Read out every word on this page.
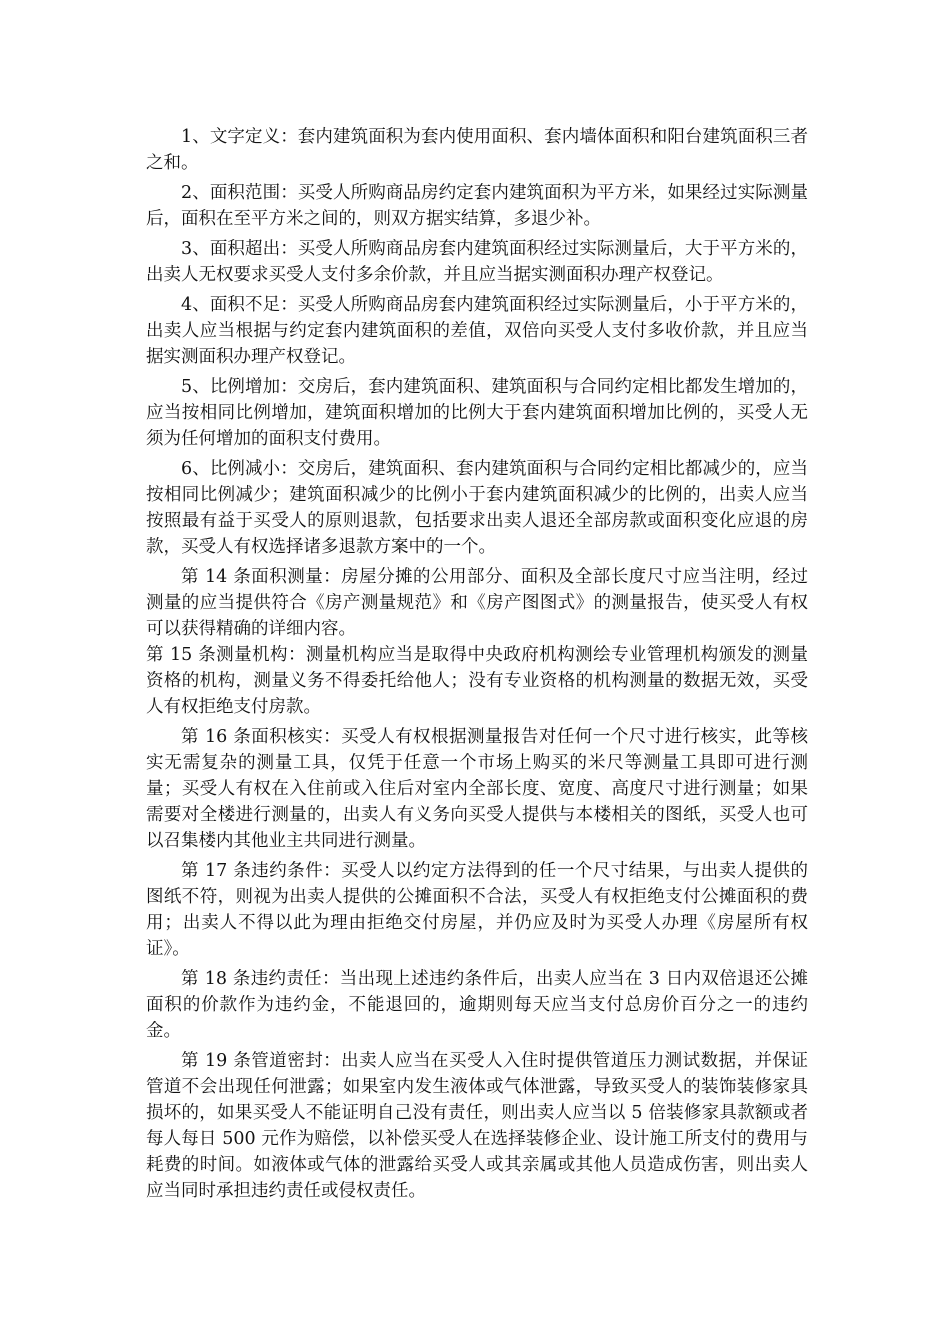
1、文字定义：套内建筑面积为套内使用面积、套内墙体面积和阳台建筑面积三者之和。

2、面积范围：买受人所购商品房约定套内建筑面积为平方米，如果经过实际测量后，面积在至平方米之间的，则双方据实结算，多退少补。

3、面积超出：买受人所购商品房套内建筑面积经过实际测量后，大于平方米的，出卖人无权要求买受人支付多余价款，并且应当据实测面积办理产权登记。

4、面积不足：买受人所购商品房套内建筑面积经过实际测量后，小于平方米的，出卖人应当根据与约定套内建筑面积的差值，双倍向买受人支付多收价款，并且应当据实测面积办理产权登记。

5、比例增加：交房后，套内建筑面积、建筑面积与合同约定相比都发生增加的，应当按相同比例增加，建筑面积增加的比例大于套内建筑面积增加比例的，买受人无须为任何增加的面积支付费用。

6、比例减小：交房后，建筑面积、套内建筑面积与合同约定相比都减少的，应当按相同比例减少；建筑面积减少的比例小于套内建筑面积减少的比例的，出卖人应当按照最有益于买受人的原则退款，包括要求出卖人退还全部房款或面积变化应退的房款，买受人有权选择诸多退款方案中的一个。

第 14 条面积测量：房屋分摊的公用部分、面积及全部长度尺寸应当注明，经过测量的应当提供符合《房产测量规范》和《房产图图式》的测量报告，使买受人有权可以获得精确的详细内容。

第 15 条测量机构：测量机构应当是取得中央政府机构测绘专业管理机构颁发的测量资格的机构，测量义务不得委托给他人；没有专业资格的机构测量的数据无效，买受人有权拒绝支付房款。

第 16 条面积核实：买受人有权根据测量报告对任何一个尺寸进行核实，此等核实无需复杂的测量工具，仅凭于任意一个市场上购买的米尺等测量工具即可进行测量；买受人有权在入住前或入住后对室内全部长度、宽度、高度尺寸进行测量；如果需要对全楼进行测量的，出卖人有义务向买受人提供与本楼相关的图纸，买受人也可以召集楼内其他业主共同进行测量。

第 17 条违约条件：买受人以约定方法得到的任一个尺寸结果，与出卖人提供的图纸不符，则视为出卖人提供的公摊面积不合法，买受人有权拒绝支付公摊面积的费用；出卖人不得以此为理由拒绝交付房屋，并仍应及时为买受人办理《房屋所有权证》。

第 18 条违约责任：当出现上述违约条件后，出卖人应当在 3 日内双倍退还公摊面积的价款作为违约金，不能退回的，逾期则每天应当支付总房价百分之一的违约金。

第 19 条管道密封：出卖人应当在买受人入住时提供管道压力测试数据，并保证管道不会出现任何泄露；如果室内发生液体或气体泄露，导致买受人的装饰装修家具损坏的，如果买受人不能证明自己没有责任，则出卖人应当以 5 倍装修家具款额或者每人每日 500 元作为赔偿，以补偿买受人在选择装修企业、设计施工所支付的费用与耗费的时间。如液体或气体的泄露给买受人或其亲属或其他人员造成伤害，则出卖人应当同时承担违约责任或侵权责任。
